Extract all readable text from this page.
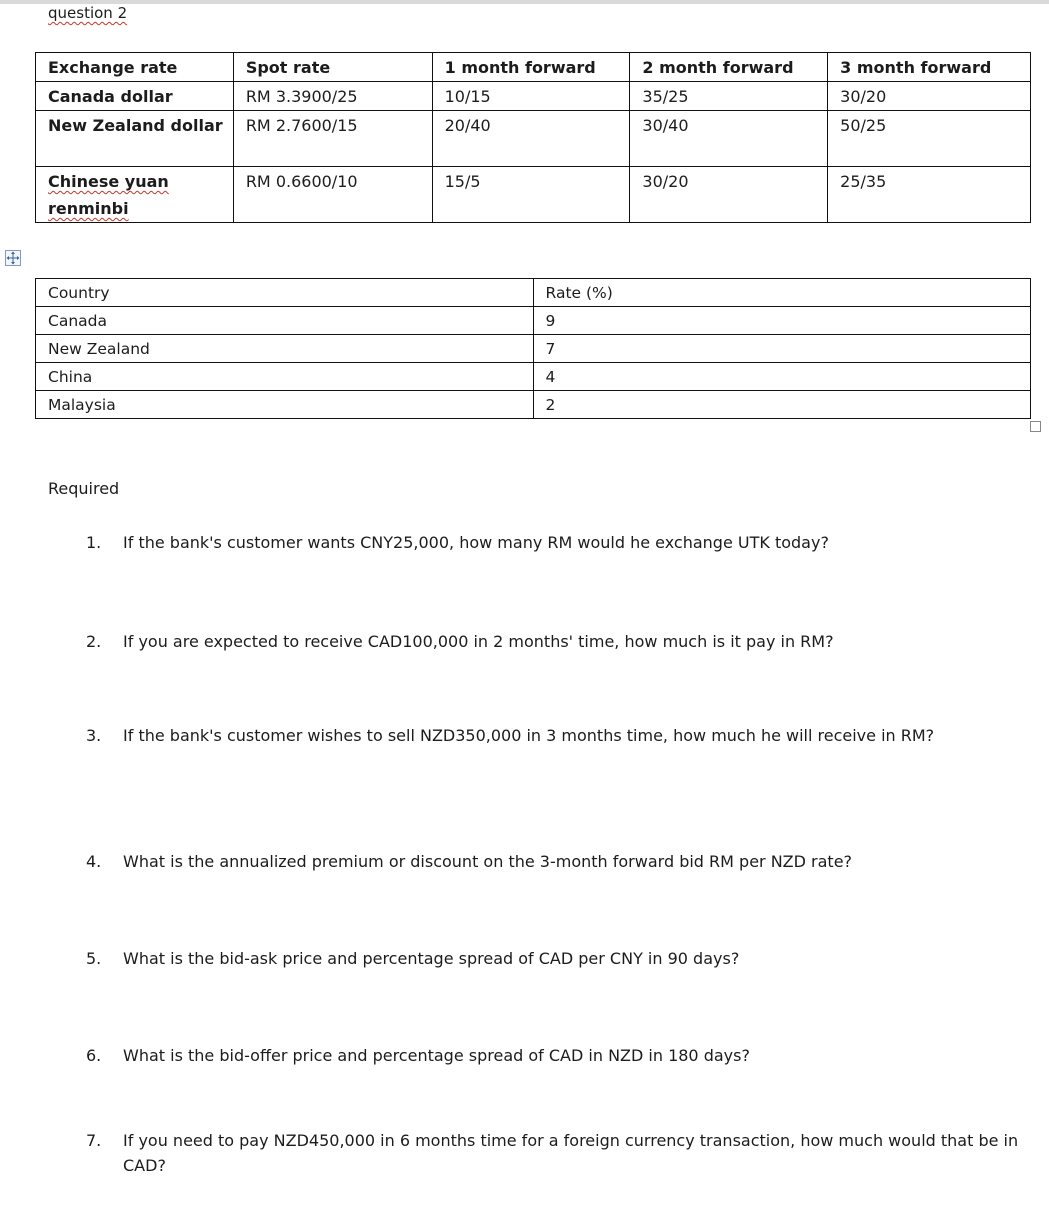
question 2
Exchange rate	Spot rate	1 month forward	2 month forward	3 month forward
Canada dollar	RM 3.3900/25	10/15	35/25	30/20
New Zealand dollar	RM 2.7600/15	20/40	30/40	50/25
Chinese yuan renminbi	RM 0.6600/10	15/5	30/20	25/35
Country	Rate (%)
Canada	9
New Zealand	7
China	4
Malaysia	2
Required
1. If the bank's customer wants CNY25,000, how many RM would he exchange UTK today?
2. If you are expected to receive CAD100,000 in 2 months' time, how much is it pay in RM?
3. If the bank's customer wishes to sell NZD350,000 in 3 months time, how much he will receive in RM?
4. What is the annualized premium or discount on the 3-month forward bid RM per NZD rate?
5. What is the bid-ask price and percentage spread of CAD per CNY in 90 days?
6. What is the bid-offer price and percentage spread of CAD in NZD in 180 days?
7. If you need to pay NZD450,000 in 6 months time for a foreign currency transaction, how much would that be in CAD?
